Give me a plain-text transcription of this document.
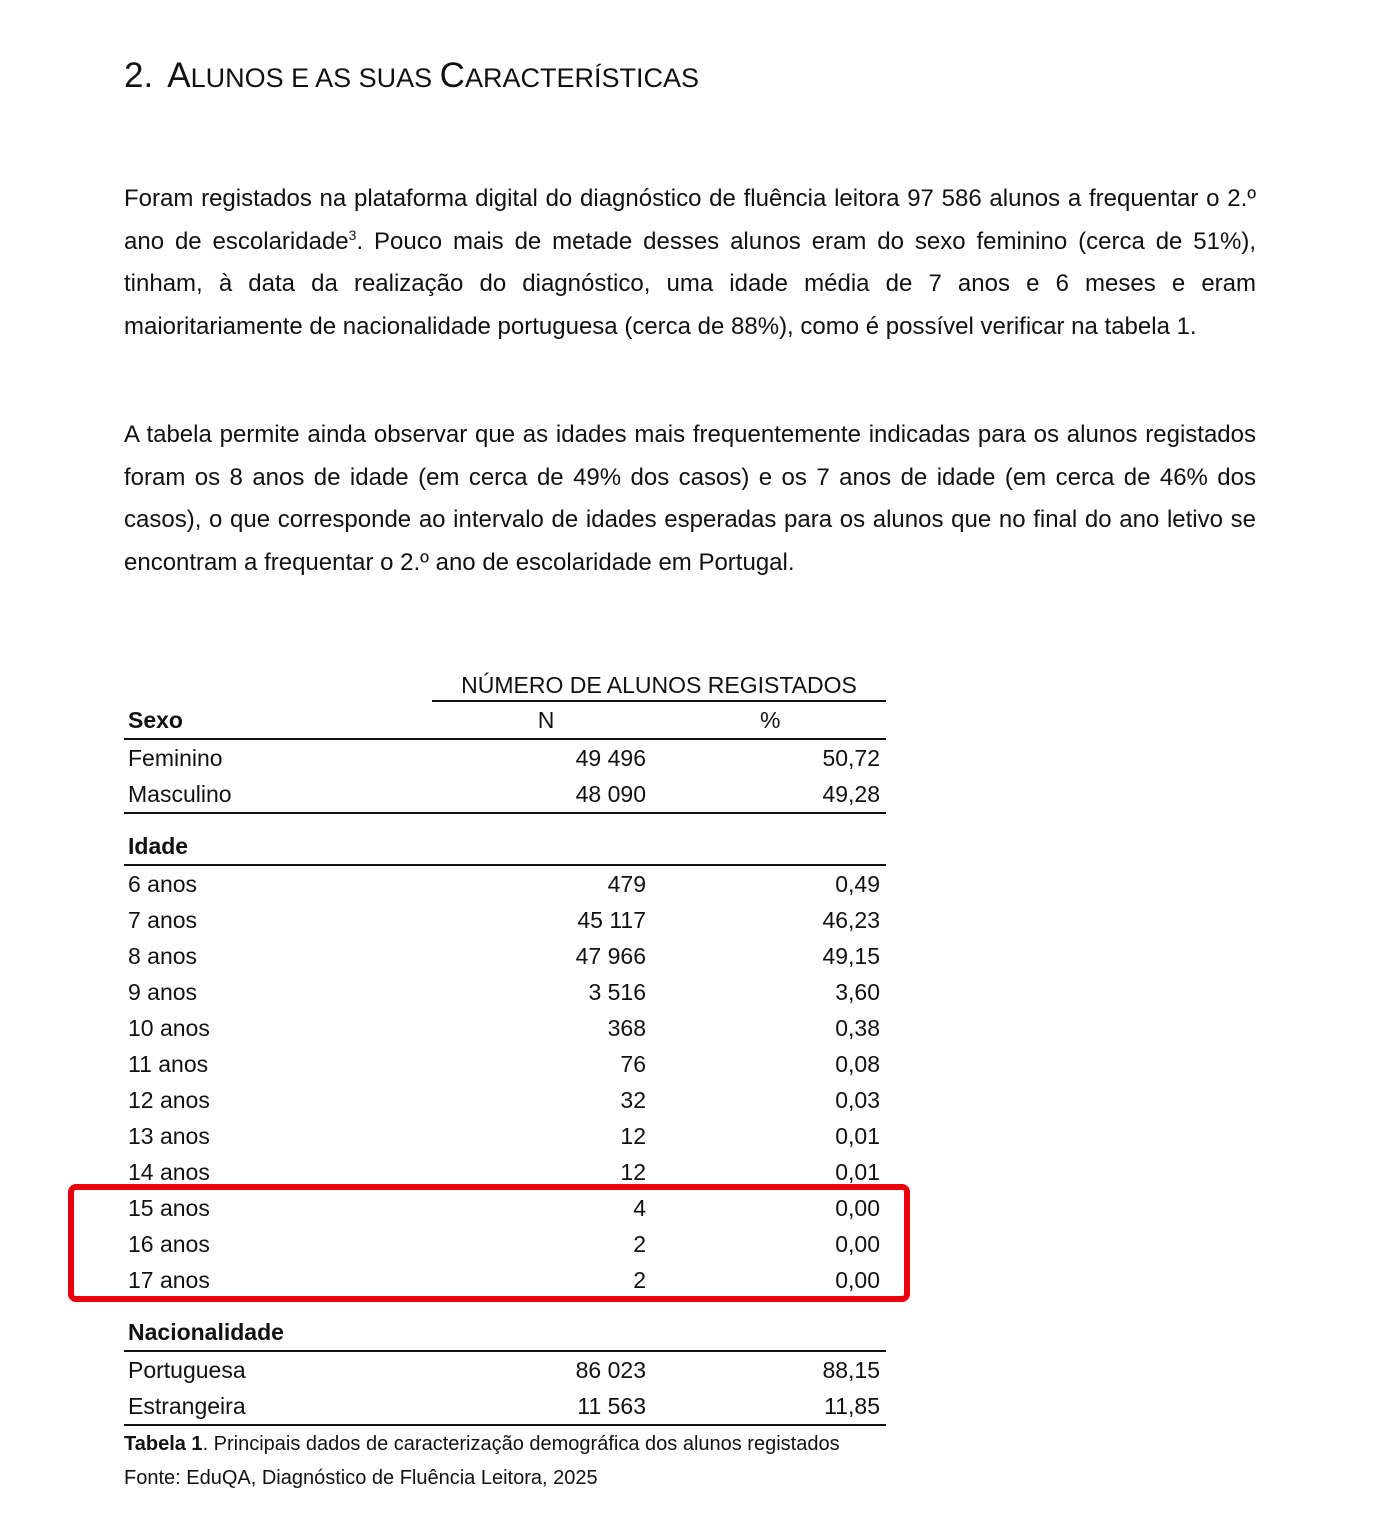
2. ALUNOS E AS SUAS CARACTERÍSTICAS

Foram registados na plataforma digital do diagnóstico de fluência leitora 97 586 alunos a frequentar o 2.º ano de escolaridade$^3$. Pouco mais de metade desses alunos eram do sexo feminino (cerca de 51%), tinham, à data da realização do diagnóstico, uma idade média de 7 anos e 6 meses e eram maioritariamente de nacionalidade portuguesa (cerca de 88%), como é possível verificar na tabela 1.

A tabela permite ainda observar que as idades mais frequentemente indicadas para os alunos registados foram os 8 anos de idade (em cerca de 49% dos casos) e os 7 anos de idade (em cerca de 46% dos casos), o que corresponde ao intervalo de idades esperadas para os alunos que no final do ano letivo se encontram a frequentar o 2.º ano de escolaridade em Portugal.

NÚMERO DE ALUNOS REGISTADOS
Sexo	N	%
Feminino	49 496	50,72
Masculino	48 090	49,28
Idade
6 anos	479	0,49
7 anos	45 117	46,23
8 anos	47 966	49,15
9 anos	3 516	3,60
10 anos	368	0,38
11 anos	76	0,08
12 anos	32	0,03
13 anos	12	0,01
14 anos	12	0,01
15 anos	4	0,00
16 anos	2	0,00
17 anos	2	0,00
Nacionalidade
Portuguesa	86 023	88,15
Estrangeira	11 563	11,85
Tabela 1. Principais dados de caracterização demográfica dos alunos registados
Fonte: EduQA, Diagnóstico de Fluência Leitora, 2025
